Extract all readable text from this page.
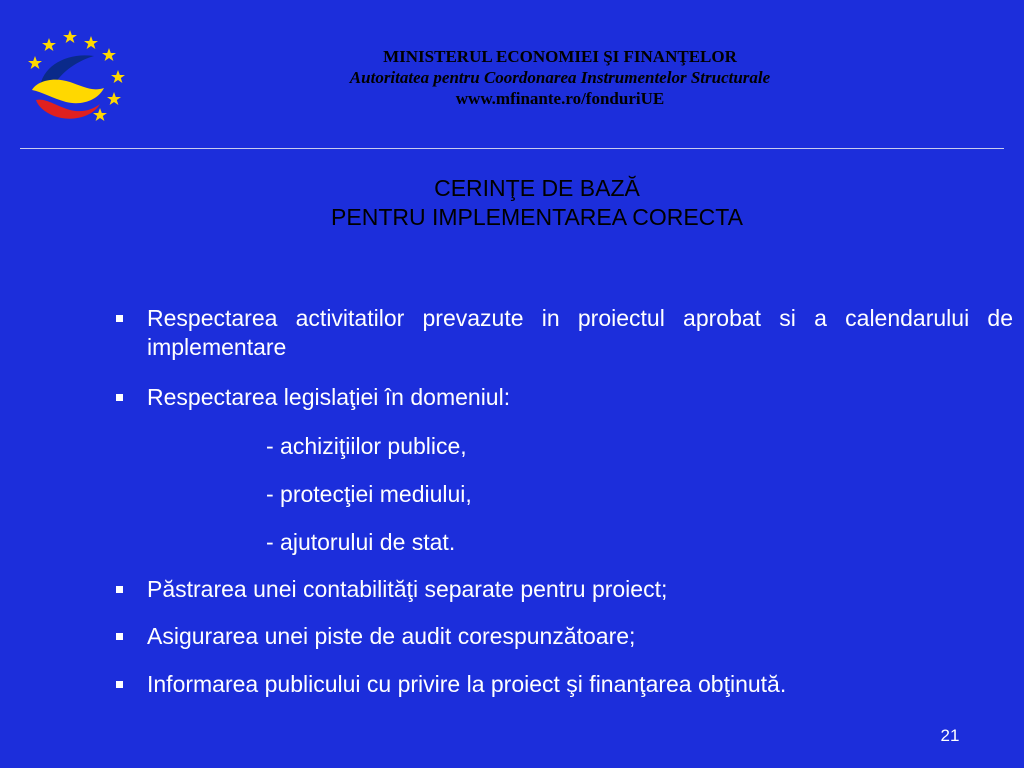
MINISTERUL ECONOMIEI ŞI FINANŢELOR
Autoritatea pentru Coordonarea Instrumentelor Structurale
www.mfinante.ro/fonduriUE
CERINŢE DE BAZĂ
PENTRU IMPLEMENTAREA CORECTA
Respectarea activitatilor prevazute in proiectul aprobat si a calendarului de implementare
Respectarea legislaţiei în domeniul:
- achiziţiilor publice,
- protecţiei mediului,
- ajutorului de stat.
Păstrarea unei contabilităţi separate pentru proiect;
Asigurarea unei piste de audit corespunzătoare;
Informarea publicului cu privire la proiect şi finanţarea obţinută.
21
